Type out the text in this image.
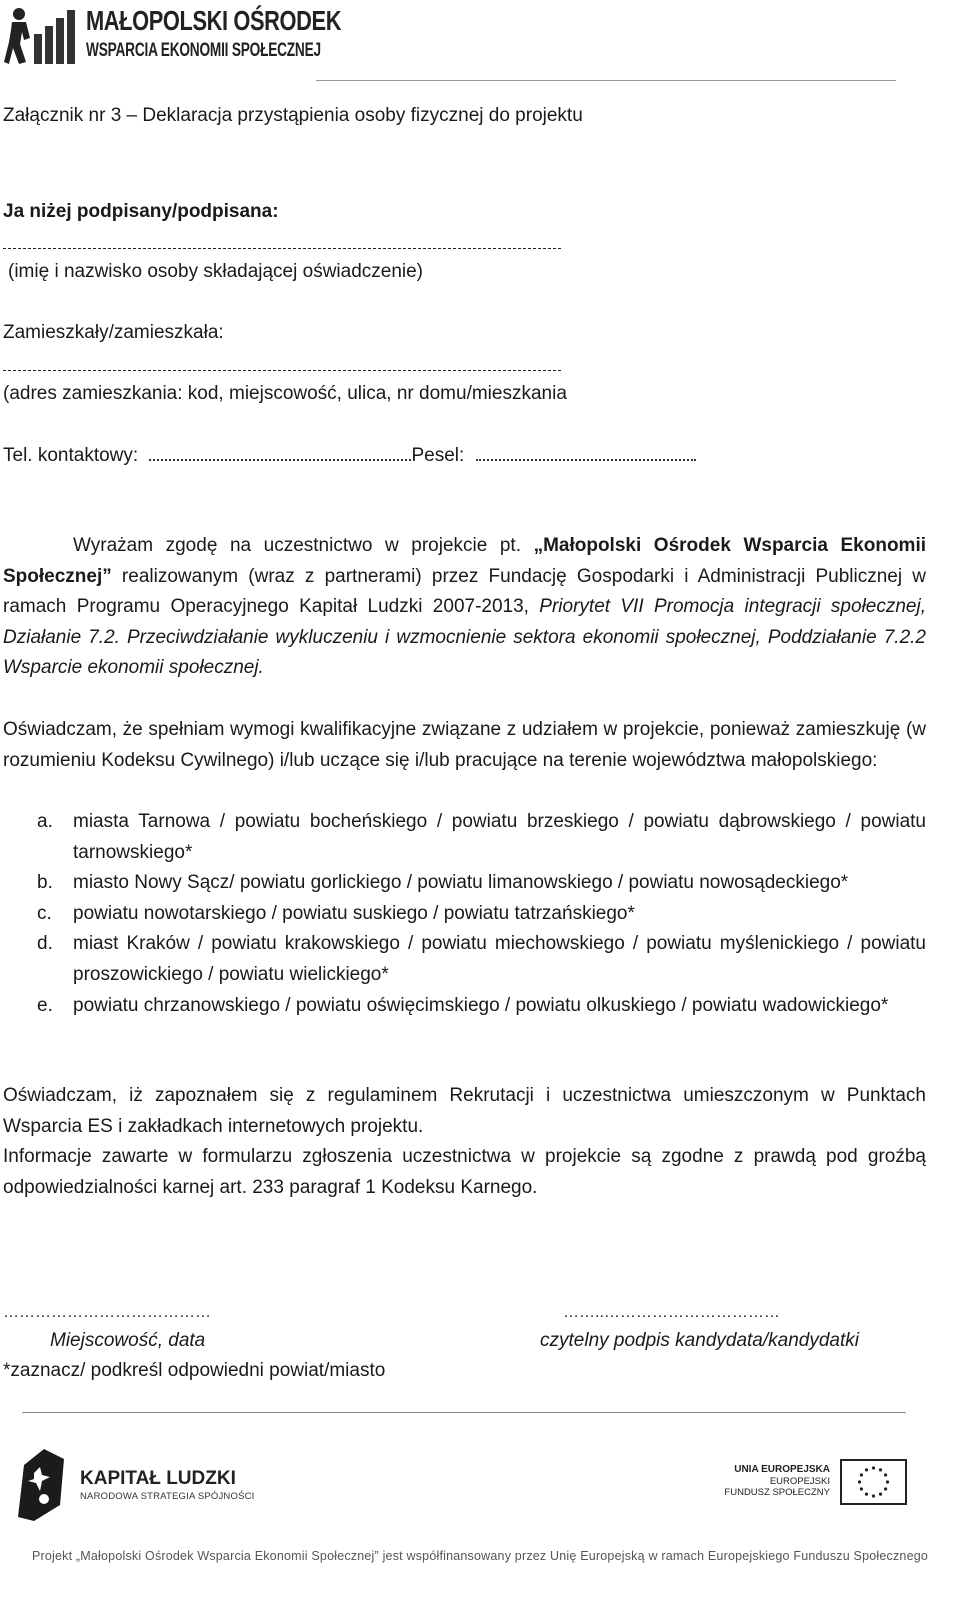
MAŁOPOLSKI OŚRODEK
WSPARCIA EKONOMII SPOŁECZNEJ
Załącznik nr 3 – Deklaracja przystąpienia osoby fizycznej do projektu
Ja niżej podpisany/podpisana:
(imię i nazwisko osoby składającej oświadczenie)
Zamieszkały/zamieszkała:
(adres zamieszkania: kod, miejscowość, ulica, nr domu/mieszkania
Tel. kontaktowy:	Pesel:
Wyrażam zgodę na uczestnictwo w projekcie pt. „Małopolski Ośrodek Wsparcia Ekonomii Społecznej” realizowanym (wraz z partnerami) przez Fundację Gospodarki i Administracji Publicznej w ramach Programu Operacyjnego Kapitał Ludzki 2007-2013, Priorytet VII Promocja integracji społecznej, Działanie 7.2. Przeciwdziałanie wykluczeniu i wzmocnienie sektora ekonomii społecznej, Poddziałanie 7.2.2 Wsparcie ekonomii społecznej.
Oświadczam, że spełniam wymogi kwalifikacyjne związane z udziałem w projekcie, ponieważ zamieszkuję (w rozumieniu Kodeksu Cywilnego) i/lub uczące się i/lub pracujące na terenie województwa małopolskiego:
a. miasta Tarnowa / powiatu bocheńskiego / powiatu brzeskiego / powiatu dąbrowskiego / powiatu tarnowskiego*
b. miasto Nowy Sącz/ powiatu gorlickiego / powiatu limanowskiego / powiatu nowosądeckiego*
c. powiatu nowotarskiego / powiatu suskiego / powiatu tatrzańskiego*
d. miast Kraków / powiatu krakowskiego / powiatu miechowskiego / powiatu myślenickiego / powiatu proszowickiego / powiatu wielickiego*
e. powiatu chrzanowskiego / powiatu oświęcimskiego / powiatu olkuskiego / powiatu wadowickiego*
Oświadczam, iż zapoznałem się z regulaminem Rekrutacji i uczestnictwa umieszczonym w Punktach Wsparcia ES i zakładkach internetowych projektu.
Informacje zawarte w formularzu zgłoszenia uczestnictwa w projekcie są zgodne z prawdą pod groźbą odpowiedzialności karnej art. 233 paragraf 1 Kodeksu Karnego.
…………………………………	……..……………………………
Miejscowość, data	czytelny podpis kandydata/kandydatki
*zaznacz/ podkreśl odpowiedni powiat/miasto
KAPITAŁ LUDZKI
NARODOWA STRATEGIA SPÓJNOŚCI
UNIA EUROPEJSKA
EUROPEJSKI
FUNDUSZ SPOŁECZNY
Projekt „Małopolski Ośrodek Wsparcia Ekonomii Społecznej” jest współfinansowany przez Unię Europejską w ramach Europejskiego Funduszu Społecznego
